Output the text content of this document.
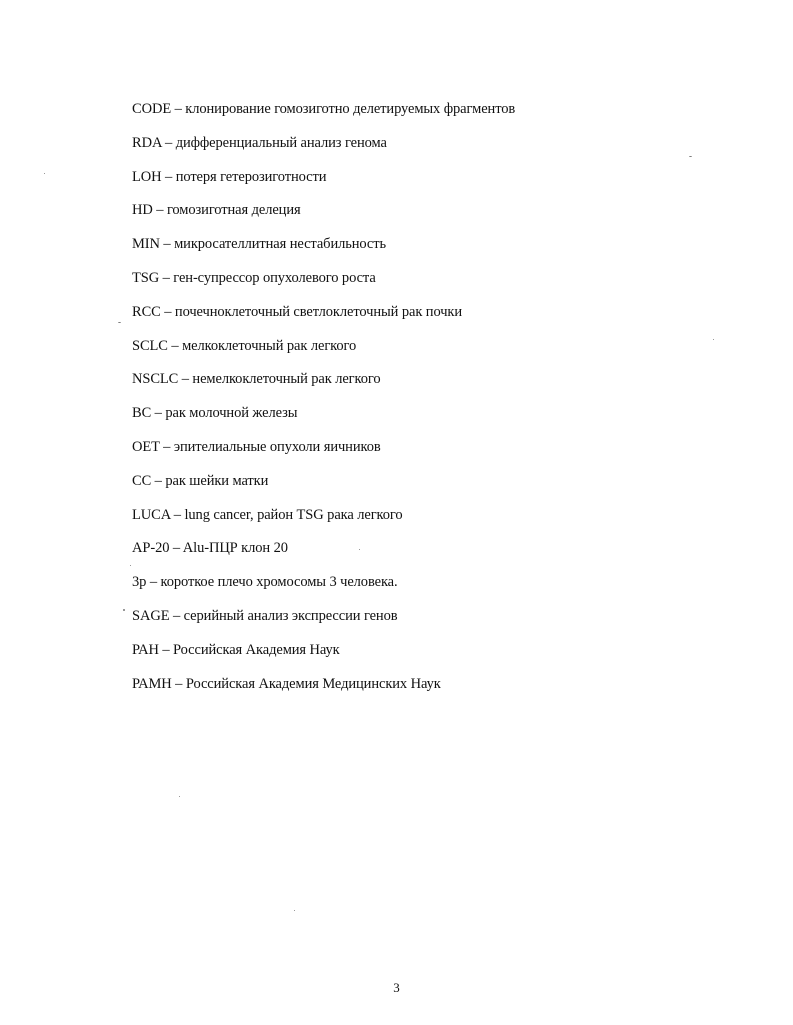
CODE – клонирование гомозиготно делетируемых фрагментов
RDA – дифференциальный анализ генома
LOH – потеря гетерозиготности
HD – гомозиготная делеция
MIN – микросателлитная нестабильность
TSG – ген-супрессор опухолевого роста
RCC – почечноклеточный светлоклеточный рак почки
SCLC – мелкоклеточный рак легкого
NSCLC – немелкоклеточный рак легкого
BC – рак молочной железы
OET – эпителиальные опухоли яичников
CC – рак шейки матки
LUCA – lung cancer, район TSG рака легкого
AP-20 – Alu-ПЦР клон 20
3p – короткое плечо хромосомы 3 человека.
SAGE – серийный анализ экспрессии генов
РАН – Российская Академия Наук
РАМН – Российская Академия Медицинских Наук
3
